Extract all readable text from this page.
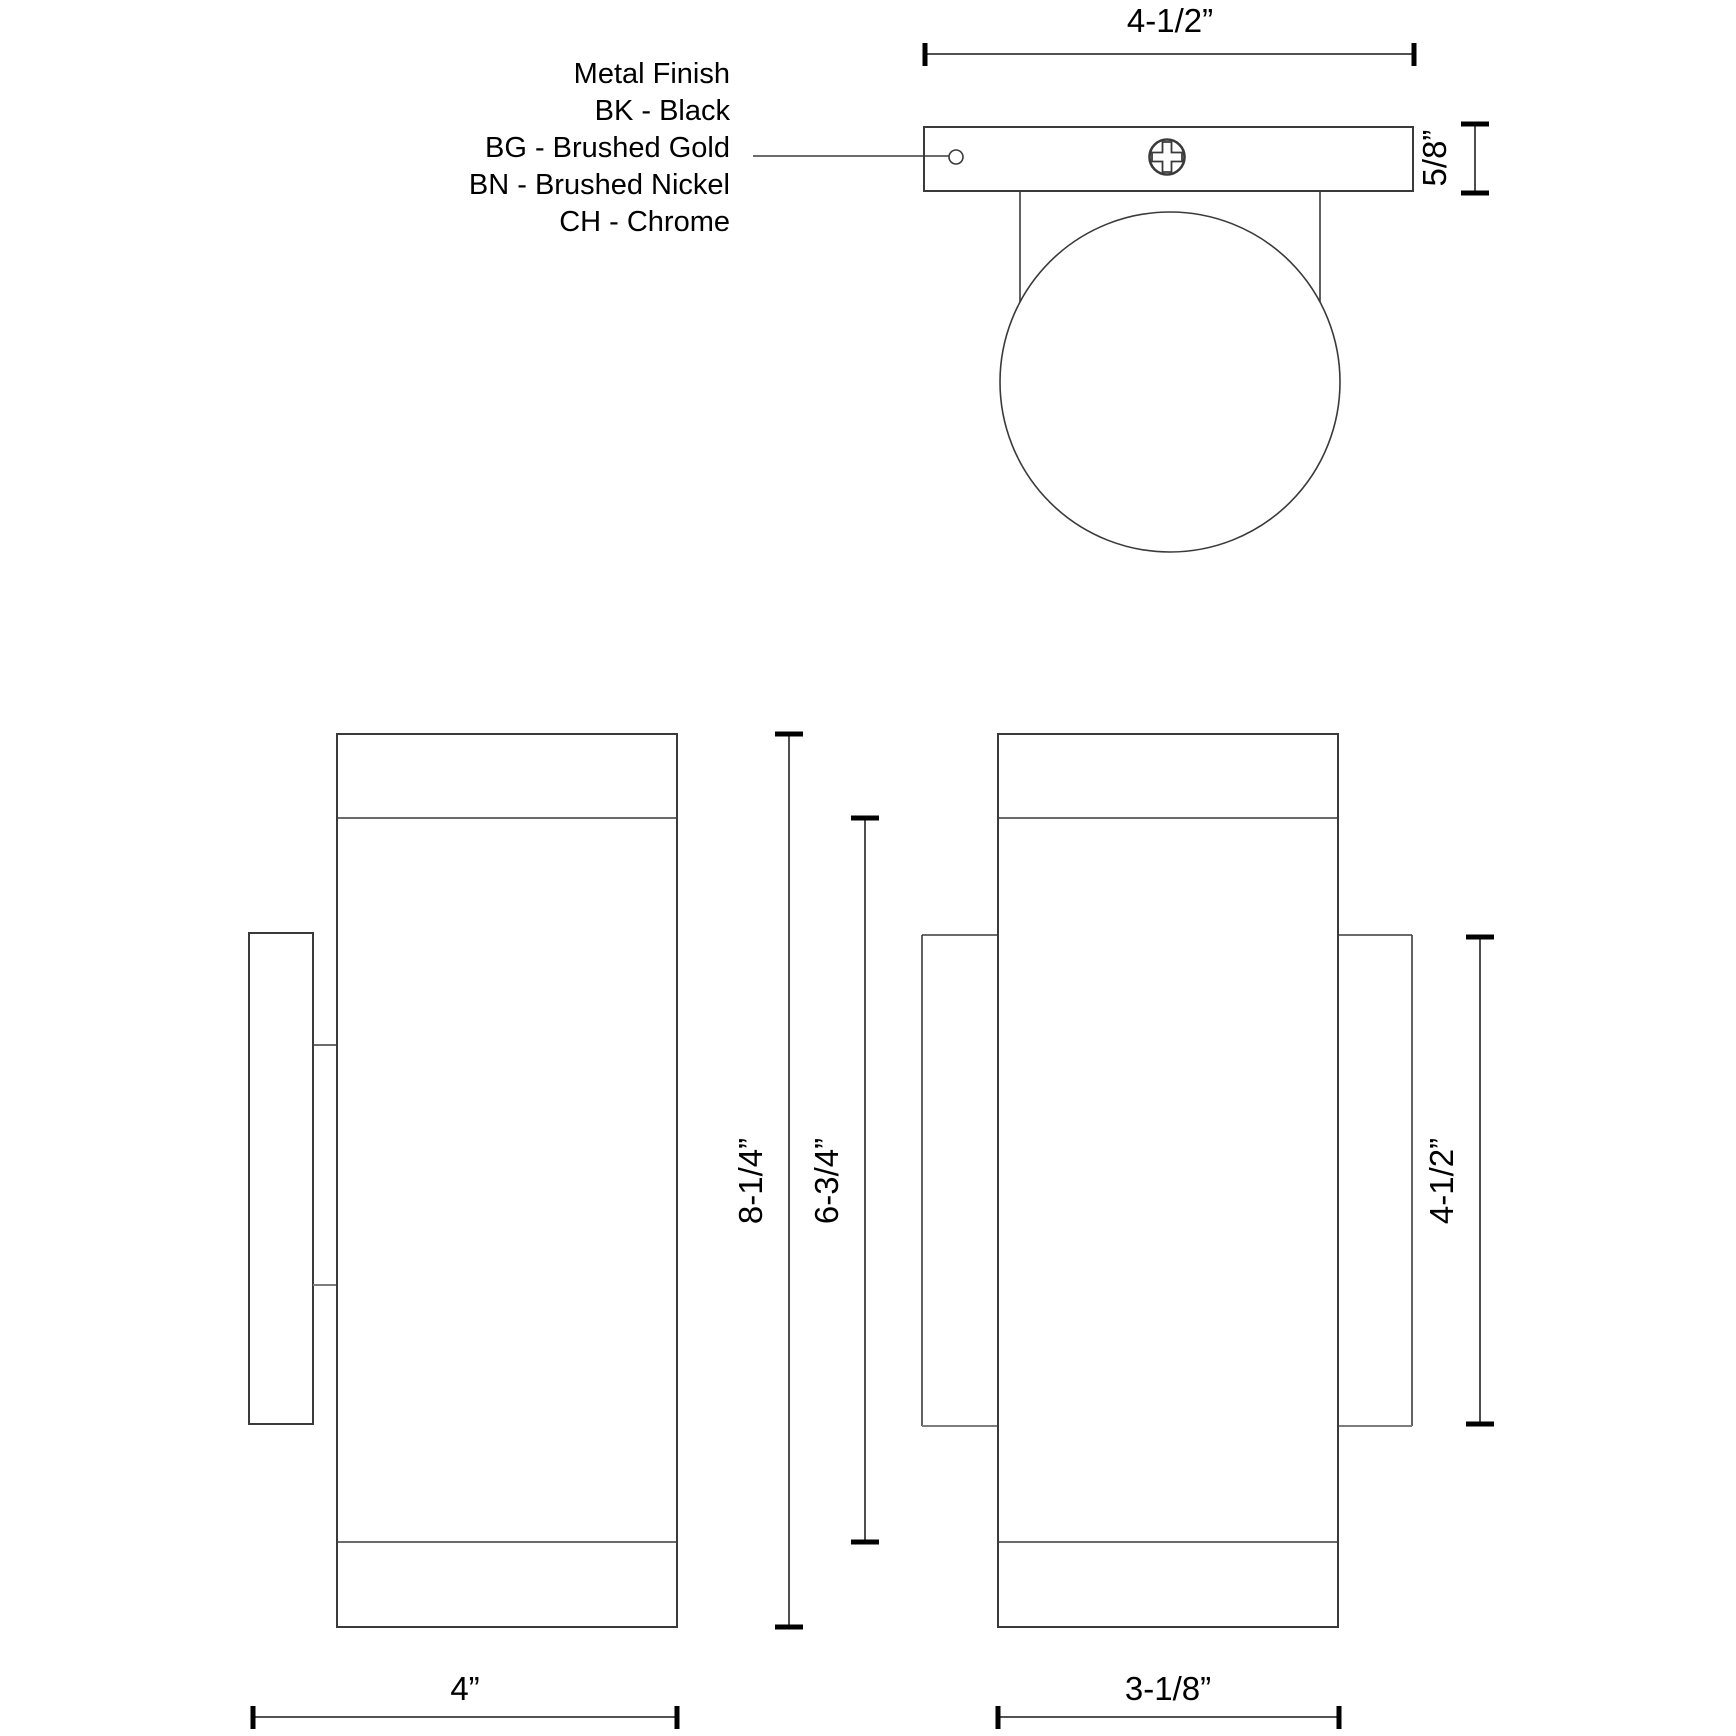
Metal Finish
BK - Black
BG - Brushed Gold
BN - Brushed Nickel
CH - Chrome
4-1/2”
5/8”
8-1/4” 6-3/4”
4”
4-1/2”
3-1/8”
